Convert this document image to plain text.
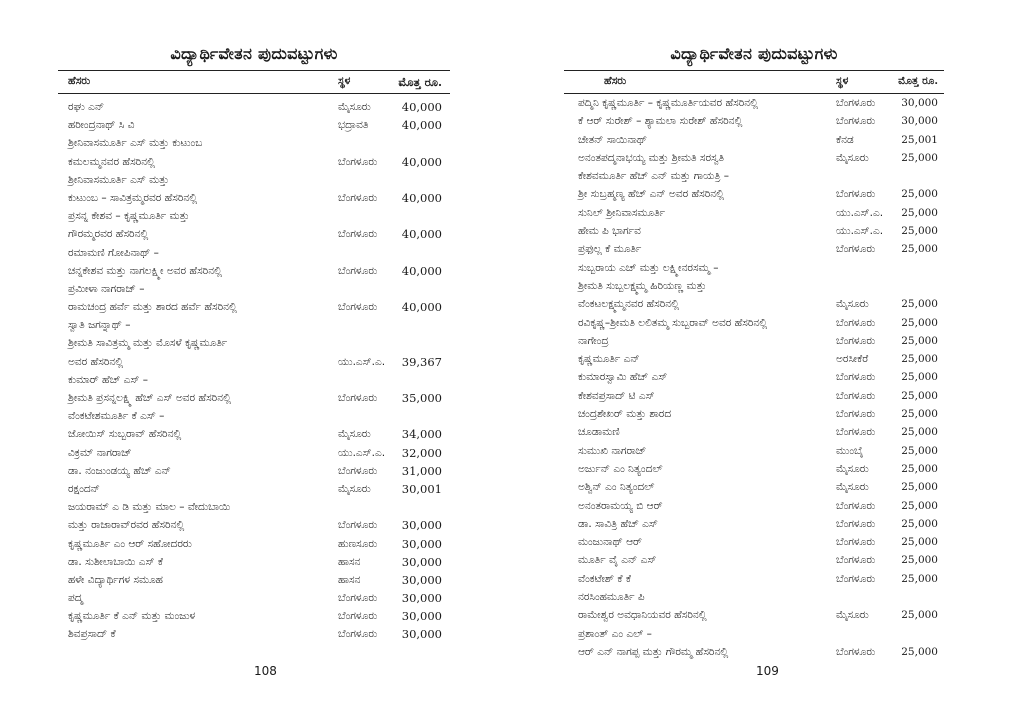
ವಿದ್ಯಾರ್ಥಿವೇತನ ಪುದುವಟ್ಟುಗಳು
ಹೆಸರು	ಸ್ಥಳ	ಮೊತ್ತ ರೂ.
ರಘು ಎನ್	ಮೈಸೂರು	40,000
ಹರೀಂದ್ರನಾಥ್ ಸಿ ವಿ	ಭದ್ರಾವತಿ	40,000
ಶ್ರೀನಿವಾಸಮೂರ್ತಿ ಎಸ್ ಮತ್ತು ಕುಟುಂಬ
ಕಮಲಮ್ಮನವರ ಹೆಸರಿನಲ್ಲಿ	ಬೆಂಗಳೂರು 40,000
ಶ್ರೀನಿವಾಸಮೂರ್ತಿ ಎಸ್ ಮತ್ತು
ಕುಟುಂಬ – ಸಾವಿತ್ರಮ್ಮರವರ ಹೆಸರಿನಲ್ಲಿ	ಬೆಂಗಳೂರು 40,000
ಪ್ರಸನ್ನ ಕೇಶವ – ಕೃಷ್ಣಮೂರ್ತಿ ಮತ್ತು
ಗೌರಮ್ಮರವರ ಹೆಸರಿನಲ್ಲಿ	ಬೆಂಗಳೂರು 40,000
ರಮಾಮಣಿ ಗೋಪಿನಾಥ್ –
ಚನ್ನಕೇಶವ ಮತ್ತು ನಾಗಲಕ್ಷ್ಮೀ ಅವರ ಹೆಸರಿನಲ್ಲಿ	ಬೆಂಗಳೂರು 40,000
ಪ್ರಮೀಳಾ ನಾಗರಾಜ್ –
ರಾಮಚಂದ್ರ ಹರ್ವೆ ಮತ್ತು ಶಾರದ ಹರ್ವೆ ಹೆಸರಿನಲ್ಲಿ	ಬೆಂಗಳೂರು 40,000
ಸ್ವಾತಿ ಜಗನ್ನಾಥ್ –
ಶ್ರೀಮತಿ ಸಾವಿತ್ರಮ್ಮ ಮತ್ತು ಮೊಸಳೆ ಕೃಷ್ಣಮೂರ್ತಿ
ಅವರ ಹೆಸರಿನಲ್ಲಿ	ಯು.ಎಸ್.ಎ. 39,367
ಕುಮಾರ್ ಹೆಚ್ ಎಸ್ –
ಶ್ರೀಮತಿ ಪ್ರಸನ್ನಲಕ್ಷ್ಮಿ ಹೆಚ್ ಎಸ್ ಅವರ ಹೆಸರಿನಲ್ಲಿ	ಬೆಂಗಳೂರು 35,000
ವೆಂಕಟೇಶಮೂರ್ತಿ ಕೆ ಎಸ್ –
ಜೋಯಿಸ್ ಸುಬ್ಬರಾವ್ ಹೆಸರಿನಲ್ಲಿ	ಮೈಸೂರು	34,000
ವಿಕ್ರಮ್ ನಾಗರಾಜ್	ಯು.ಎಸ್.ಎ. 32,000
ಡಾ. ನಂಜುಂಡಯ್ಯ ಹೆಚ್ ಎನ್	ಬೆಂಗಳೂರು 31,000
ರಕ್ಷಂದನ್	ಮೈಸೂರು	30,001
ಜಯರಾಮ್ ಎ ಡಿ ಮತ್ತು ಮಾಲ – ವೇದುಬಾಯಿ
ಮತ್ತು ರಾಜಾರಾವ್‌ರವರ ಹೆಸರಿನಲ್ಲಿ	ಬೆಂಗಳೂರು 30,000
ಕೃಷ್ಣಮೂರ್ತಿ ಎಂ ಆರ್ ಸಹೋದರರು	ಹುಣಸೂರು 30,000
ಡಾ. ಸುಶೀಲಾಬಾಯಿ ಎಸ್ ಕೆ	ಹಾಸನ	30,000
ಹಳೇ ವಿದ್ಯಾರ್ಥಿಗಳ ಸಮೂಹ	ಹಾಸನ	30,000
ಪದ್ಮ	ಬೆಂಗಳೂರು 30,000
ಕೃಷ್ಣಮೂರ್ತಿ ಕೆ ಎನ್ ಮತ್ತು ಮಂಜುಳ	ಬೆಂಗಳೂರು 30,000
ಶಿವಪ್ರಸಾದ್ ಕೆ	ಬೆಂಗಳೂರು 30,000
108
ವಿದ್ಯಾರ್ಥಿವೇತನ ಪುದುವಟ್ಟುಗಳು
ಹೆಸರು	ಸ್ಥಳ	ಮೊತ್ತ ರೂ.
ಪದ್ಮಿನಿ ಕೃಷ್ಣಮೂರ್ತಿ – ಕೃಷ್ಣಮೂರ್ತಿಯವರ ಹೆಸರಿನಲ್ಲಿ	ಬೆಂಗಳೂರು 30,000
ಕೆ ಆರ್ ಸುರೇಶ್ – ಶ್ಯಾಮಲಾ ಸುರೇಶ್ ಹೆಸರಿನಲ್ಲಿ	ಬೆಂಗಳೂರು 30,000
ಚೇತನ್ ಸಾಯಿನಾಥ್	ಕೆನಡ	25,001
ಅನಂತಪದ್ಮನಾಭಯ್ಯ ಮತ್ತು ಶ್ರೀಮತಿ ಸರಸ್ವತಿ	ಮೈಸೂರು	25,000
ಕೇಶವಮೂರ್ತಿ ಹೆಚ್ ಎನ್ ಮತ್ತು ಗಾಯತ್ರಿ –
ಶ್ರೀ ಸುಬ್ರಹ್ಮಣ್ಯ ಹೆಚ್ ಎನ್ ಅವರ ಹೆಸರಿನಲ್ಲಿ	ಬೆಂಗಳೂರು 25,000
ಸುನಿಲ್ ಶ್ರೀನಿವಾಸಮೂರ್ತಿ	ಯು.ಎಸ್.ಎ. 25,000
ಹೇಮ ಪಿ ಭಾರ್ಗವ	ಯು.ಎಸ್.ಎ. 25,000
ಪ್ರಫುಲ್ಲ ಕೆ ಮೂರ್ತಿ	ಬೆಂಗಳೂರು 25,000
ಸುಬ್ಬರಾಯ ಎಚ್ ಮತ್ತು ಲಕ್ಷ್ಮೀನರಸಮ್ಮ –
ಶ್ರೀಮತಿ ಸುಬ್ಬಲಕ್ಷ್ಮಮ್ಮ ಹಿರಿಯಣ್ಣ ಮತ್ತು
ವೆಂಕಟಲಕ್ಷ್ಮಮ್ಮನವರ ಹೆಸರಿನಲ್ಲಿ	ಮೈಸೂರು	25,000
ರವಿಕೃಷ್ಣ–ಶ್ರೀಮತಿ ಲಲಿತಮ್ಮ ಸುಬ್ಬರಾವ್ ಅವರ ಹೆಸರಿನಲ್ಲಿ	ಬೆಂಗಳೂರು 25,000
ನಾಗೇಂದ್ರ	ಬೆಂಗಳೂರು 25,000
ಕೃಷ್ಣಮೂರ್ತಿ ಎನ್	ಅರಸೀಕೆರೆ	25,000
ಕುಮಾರಸ್ವಾಮಿ ಹೆಚ್ ಎಸ್	ಬೆಂಗಳೂರು 25,000
ಕೇಶವಪ್ರಸಾದ್ ಟಿ ಎಸ್	ಬೆಂಗಳೂರು 25,000
ಚಂದ್ರಶೇಖರ್ ಮತ್ತು ಶಾರದ	ಬೆಂಗಳೂರು 25,000
ಚೂಡಾಮಣಿ	ಬೆಂಗಳೂರು 25,000
ಸುಮುಖಿ ನಾಗರಾಜ್	ಮುಂಬೈ	25,000
ಅರ್ಜುನ್ ಎಂ ನಿತ್ಯಂದಲ್	ಮೈಸೂರು	25,000
ಅಶ್ವಿನ್ ಎಂ ನಿತ್ಯಂದಲ್	ಮೈಸೂರು	25,000
ಅನಂತರಾಮಯ್ಯ ಬಿ ಆರ್	ಬೆಂಗಳೂರು 25,000
ಡಾ. ಸಾವಿತ್ರಿ ಹೆಚ್ ಎಸ್	ಬೆಂಗಳೂರು 25,000
ಮಂಜುನಾಥ್ ಆರ್	ಬೆಂಗಳೂರು 25,000
ಮೂರ್ತಿ ವೈ ಎನ್ ಎಸ್	ಬೆಂಗಳೂರು 25,000
ವೆಂಕಟೇಶ್ ಕೆ ಕೆ	ಬೆಂಗಳೂರು 25,000
ನರಸಿಂಹಮೂರ್ತಿ ಪಿ
ರಾಮೇಶ್ವರ ಅವಧಾನಿಯವರ ಹೆಸರಿನಲ್ಲಿ	ಮೈಸೂರು	25,000
ಪ್ರಶಾಂತ್ ಎಂ ಎಲ್ –
ಆರ್ ಎನ್ ನಾಗಪ್ಪ ಮತ್ತು ಗೌರಮ್ಮ ಹೆಸರಿನಲ್ಲಿ	ಬೆಂಗಳೂರು 25,000
109
